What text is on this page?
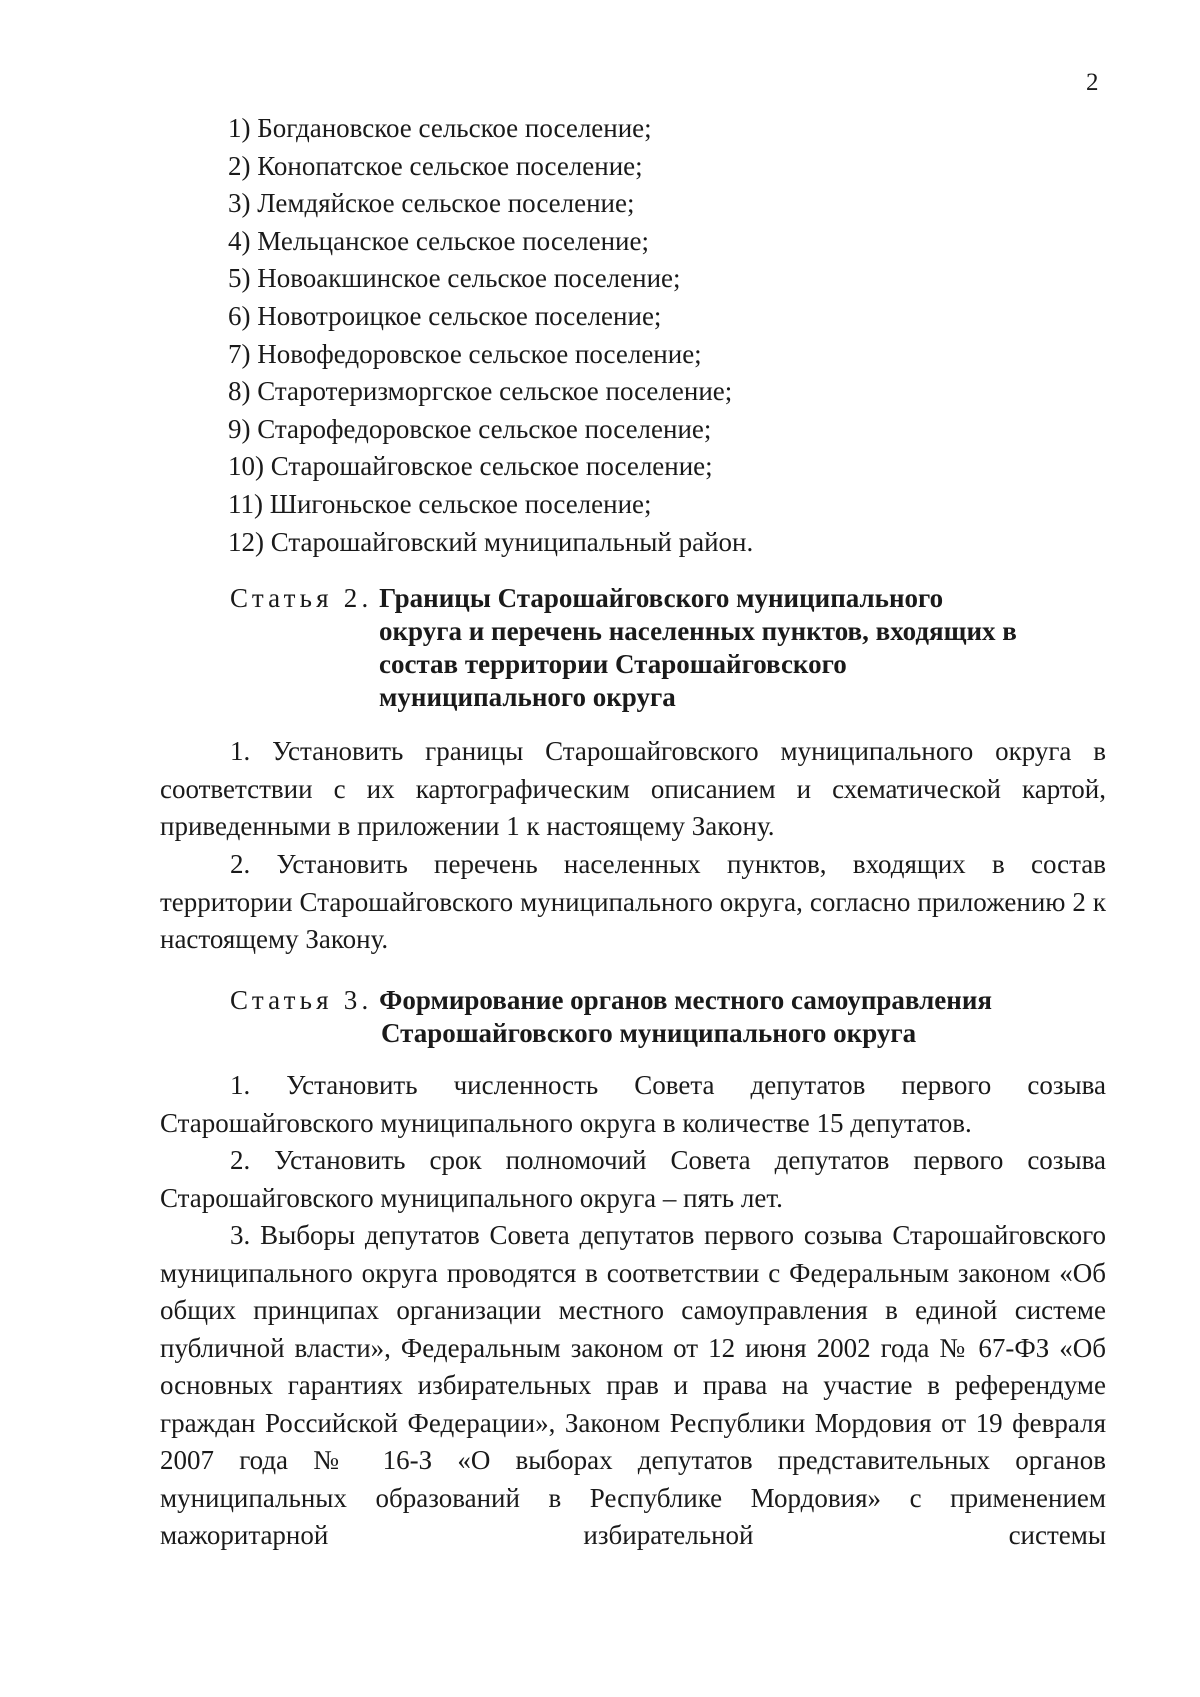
2
1) Богдановское сельское поселение;
2) Конопатское сельское поселение;
3) Лемдяйское сельское поселение;
4) Мельцанское сельское поселение;
5) Новоакшинское сельское поселение;
6) Новотроицкое сельское поселение;
7) Новофедоровское сельское поселение;
8) Старотеризморгское сельское поселение;
9) Старофедоровское сельское поселение;
10) Старошайговское сельское поселение;
11) Шигоньское сельское поселение;
12) Старошайговский муниципальный район.
Статья 2. Границы Старошайговского муниципального
округа и перечень населенных пунктов, входящих в
состав территории Старошайговского
муниципального округа

1. Установить границы Старошайговского муниципального округа в соответствии с их картографическим описанием и схематической картой, приведенными в приложении 1 к настоящему Закону.

2. Установить перечень населенных пунктов, входящих в состав территории Старошайговского муниципального округа, согласно приложению 2 к настоящему Закону.

Статья 3. Формирование органов местного самоуправления
Старошайговского муниципального округа

1. Установить численность Совета депутатов первого созыва Старошайговского муниципального округа в количестве 15 депутатов.

2. Установить срок полномочий Совета депутатов первого созыва Старошайговского муниципального округа – пять лет.

3. Выборы депутатов Совета депутатов первого созыва Старошайговского муниципального округа проводятся в соответствии с Федеральным законом «Об общих принципах организации местного самоуправления в единой системе публичной власти», Федеральным законом от 12 июня 2002 года № 67-ФЗ «Об основных гарантиях избирательных прав и права на участие в референдуме граждан Российской Федерации», Законом Республики Мордовия от 19 февраля 2007 года № 16-З «О выборах депутатов представительных органов муниципальных образований в Республике Мордовия» с применением мажоритарной избирательной системы
